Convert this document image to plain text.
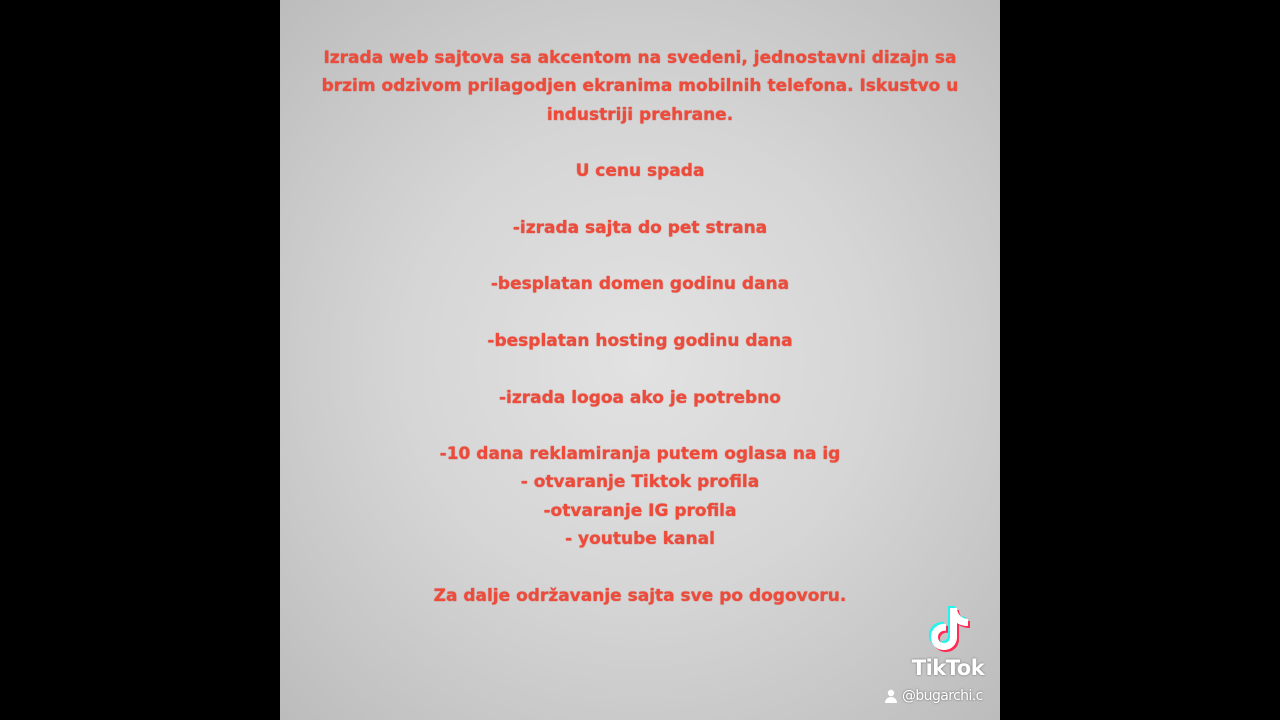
Izrada web sajtova sa akcentom na svedeni, jednostavni dizajn sa
brzim odzivom prilagodjen ekranima mobilnih telefona. Iskustvo u
industriji prehrane.
U cenu spada
-izrada sajta do pet strana
-besplatan domen godinu dana
-besplatan hosting godinu dana
-izrada logoa ako je potrebno
-10 dana reklamiranja putem oglasa na ig
- otvaranje Tiktok profila
-otvaranje IG profila
- youtube kanal
Za dalje održavanje sajta sve po dogovoru.
TikTok
@bugarchi.c
